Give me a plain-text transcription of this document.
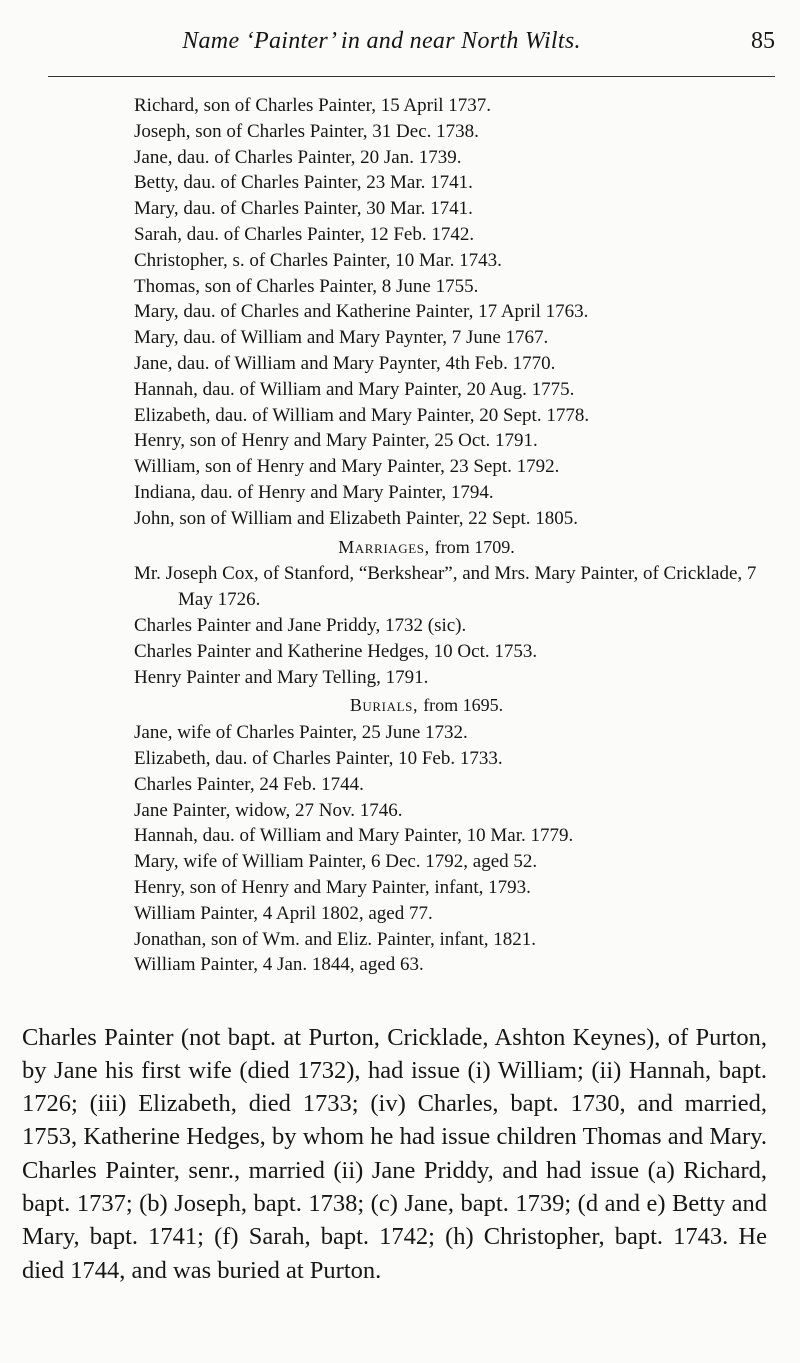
Name ‘Painter’ in and near North Wilts.	85
Richard, son of Charles Painter, 15 April 1737.
Joseph, son of Charles Painter, 31 Dec. 1738.
Jane, dau. of Charles Painter, 20 Jan. 1739.
Betty, dau. of Charles Painter, 23 Mar. 1741.
Mary, dau. of Charles Painter, 30 Mar. 1741.
Sarah, dau. of Charles Painter, 12 Feb. 1742.
Christopher, s. of Charles Painter, 10 Mar. 1743.
Thomas, son of Charles Painter, 8 June 1755.
Mary, dau. of Charles and Katherine Painter, 17 April 1763.
Mary, dau. of William and Mary Paynter, 7 June 1767.
Jane, dau. of William and Mary Paynter, 4th Feb. 1770.
Hannah, dau. of William and Mary Painter, 20 Aug. 1775.
Elizabeth, dau. of William and Mary Painter, 20 Sept. 1778.
Henry, son of Henry and Mary Painter, 25 Oct. 1791.
William, son of Henry and Mary Painter, 23 Sept. 1792.
Indiana, dau. of Henry and Mary Painter, 1794.
John, son of William and Elizabeth Painter, 22 Sept. 1805.
Marriages, from 1709.
Mr. Joseph Cox, of Stanford, “Berkshear”, and Mrs. Mary Painter, of Cricklade, 7 May 1726.
Charles Painter and Jane Priddy, 1732 (sic).
Charles Painter and Katherine Hedges, 10 Oct. 1753.
Henry Painter and Mary Telling, 1791.
Burials, from 1695.
Jane, wife of Charles Painter, 25 June 1732.
Elizabeth, dau. of Charles Painter, 10 Feb. 1733.
Charles Painter, 24 Feb. 1744.
Jane Painter, widow, 27 Nov. 1746.
Hannah, dau. of William and Mary Painter, 10 Mar. 1779.
Mary, wife of William Painter, 6 Dec. 1792, aged 52.
Henry, son of Henry and Mary Painter, infant, 1793.
William Painter, 4 April 1802, aged 77.
Jonathan, son of Wm. and Eliz. Painter, infant, 1821.
William Painter, 4 Jan. 1844, aged 63.

Charles Painter (not bapt. at Purton, Cricklade, Ashton Keynes), of Purton, by Jane his first wife (died 1732), had issue (i) William; (ii) Hannah, bapt. 1726; (iii) Elizabeth, died 1733; (iv) Charles, bapt. 1730, and married, 1753, Katherine Hedges, by whom he had issue children Thomas and Mary. Charles Painter, senr., married (ii) Jane Priddy, and had issue (a) Richard, bapt. 1737; (b) Joseph, bapt. 1738; (c) Jane, bapt. 1739; (d and e) Betty and Mary, bapt. 1741; (f) Sarah, bapt. 1742; (h) Christopher, bapt. 1743. He died 1744, and was buried at Purton.
